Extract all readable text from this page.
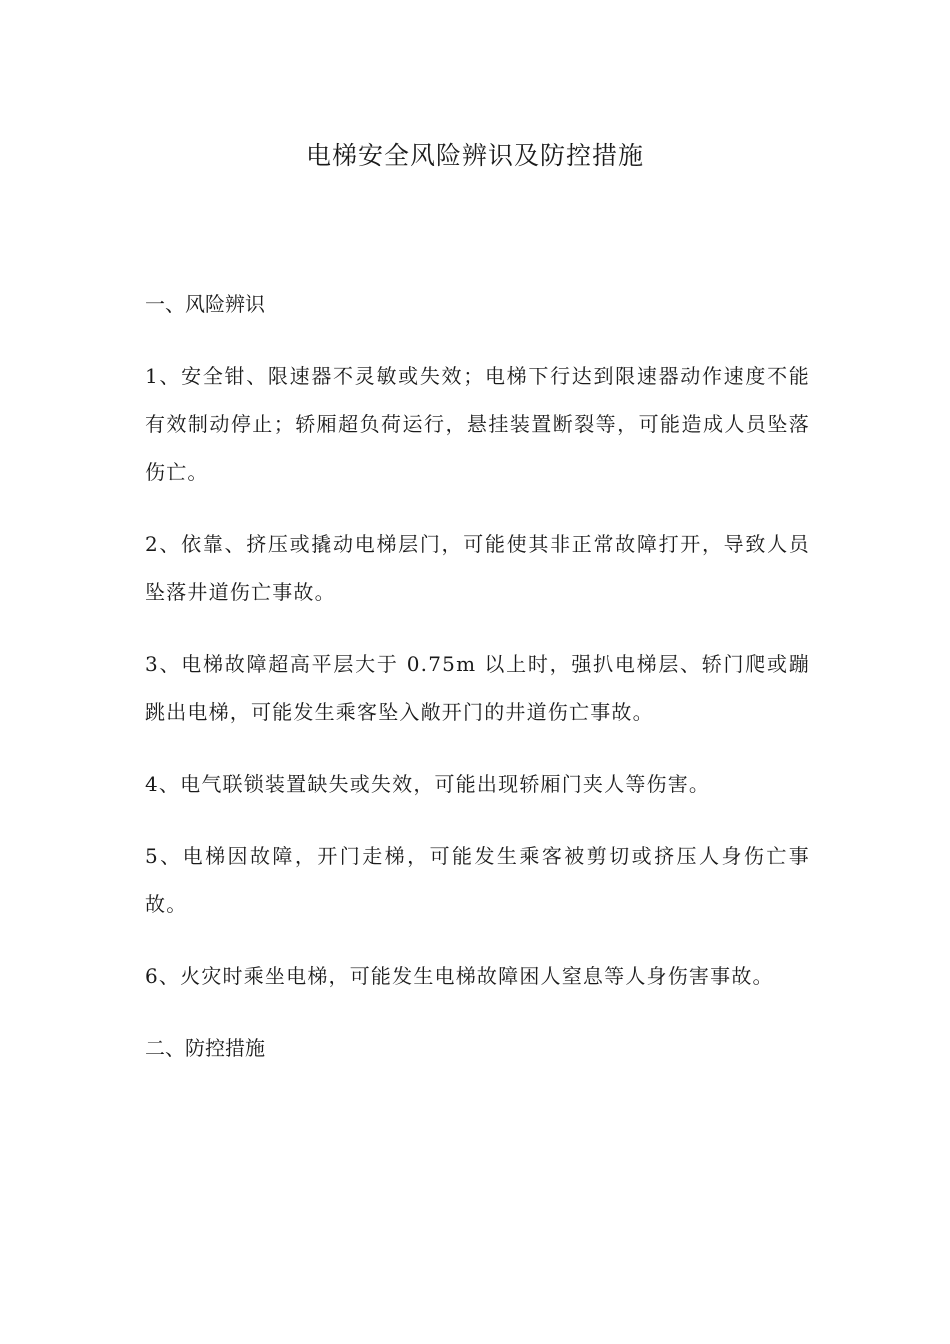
电梯安全风险辨识及防控措施
一、风险辨识
1、安全钳、限速器不灵敏或失效；电梯下行达到限速器动作速度不能有效制动停止；轿厢超负荷运行，悬挂装置断裂等，可能造成人员坠落伤亡。
2、依靠、挤压或撬动电梯层门，可能使其非正常故障打开，导致人员坠落井道伤亡事故。
3、电梯故障超高平层大于 0.75m 以上时，强扒电梯层、轿门爬或蹦跳出电梯，可能发生乘客坠入敞开门的井道伤亡事故。
4、电气联锁装置缺失或失效，可能出现轿厢门夹人等伤害。
5、电梯因故障，开门走梯，可能发生乘客被剪切或挤压人身伤亡事故。
6、火灾时乘坐电梯，可能发生电梯故障困人窒息等人身伤害事故。
二、防控措施
